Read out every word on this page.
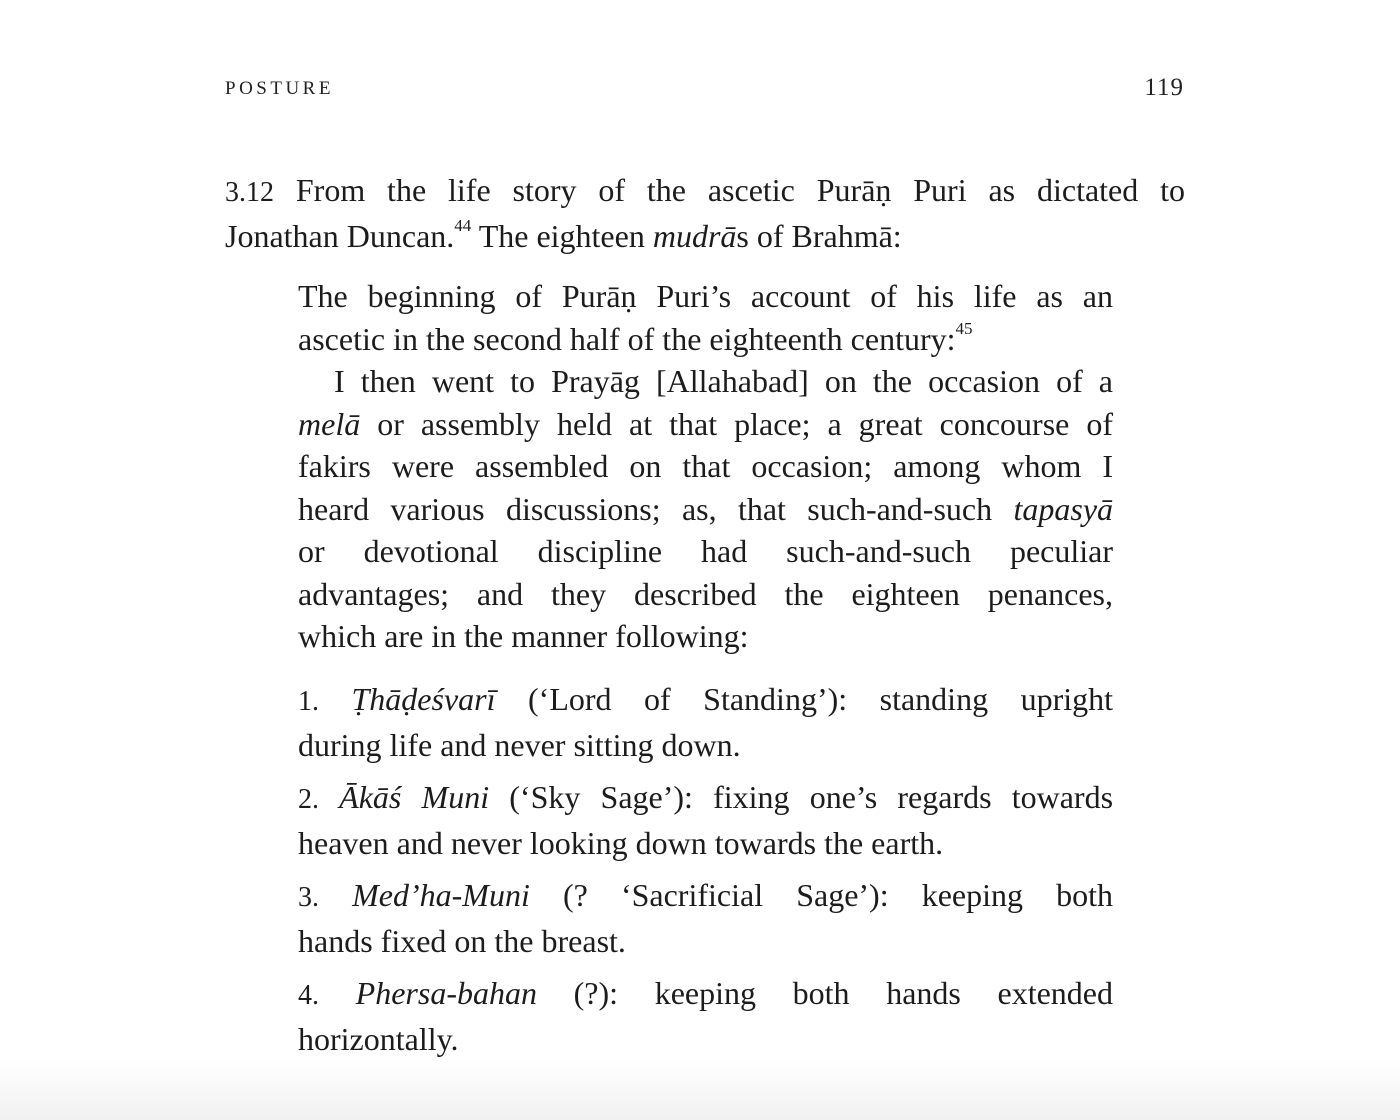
POSTURE	119
3.12 From the life story of the ascetic Purāṇ Puri as dictated to
Jonathan Duncan.$^{44}$ The eighteen mudrās of Brahmā:
The beginning of Purāṇ Puri’s account of his life as an
ascetic in the second half of the eighteenth century:$^{45}$
I then went to Prayāg [Allahabad] on the occasion of a
melā or assembly held at that place; a great concourse of
fakirs were assembled on that occasion; among whom I
heard various discussions; as, that such-and-such tapasyā
or devotional discipline had such-and-such peculiar
advantages; and they described the eighteen penances,
which are in the manner following:
1. Ṭhāḍeśvarī (‘Lord of Standing’): standing upright
during life and never sitting down.
2. Ākāś Muni (‘Sky Sage’): fixing one’s regards towards
heaven and never looking down towards the earth.
3. Med’ha-Muni (? ‘Sacrificial Sage’): keeping both
hands fixed on the breast.
4. Phersa-bahan (?): keeping both hands extended
horizontally.
